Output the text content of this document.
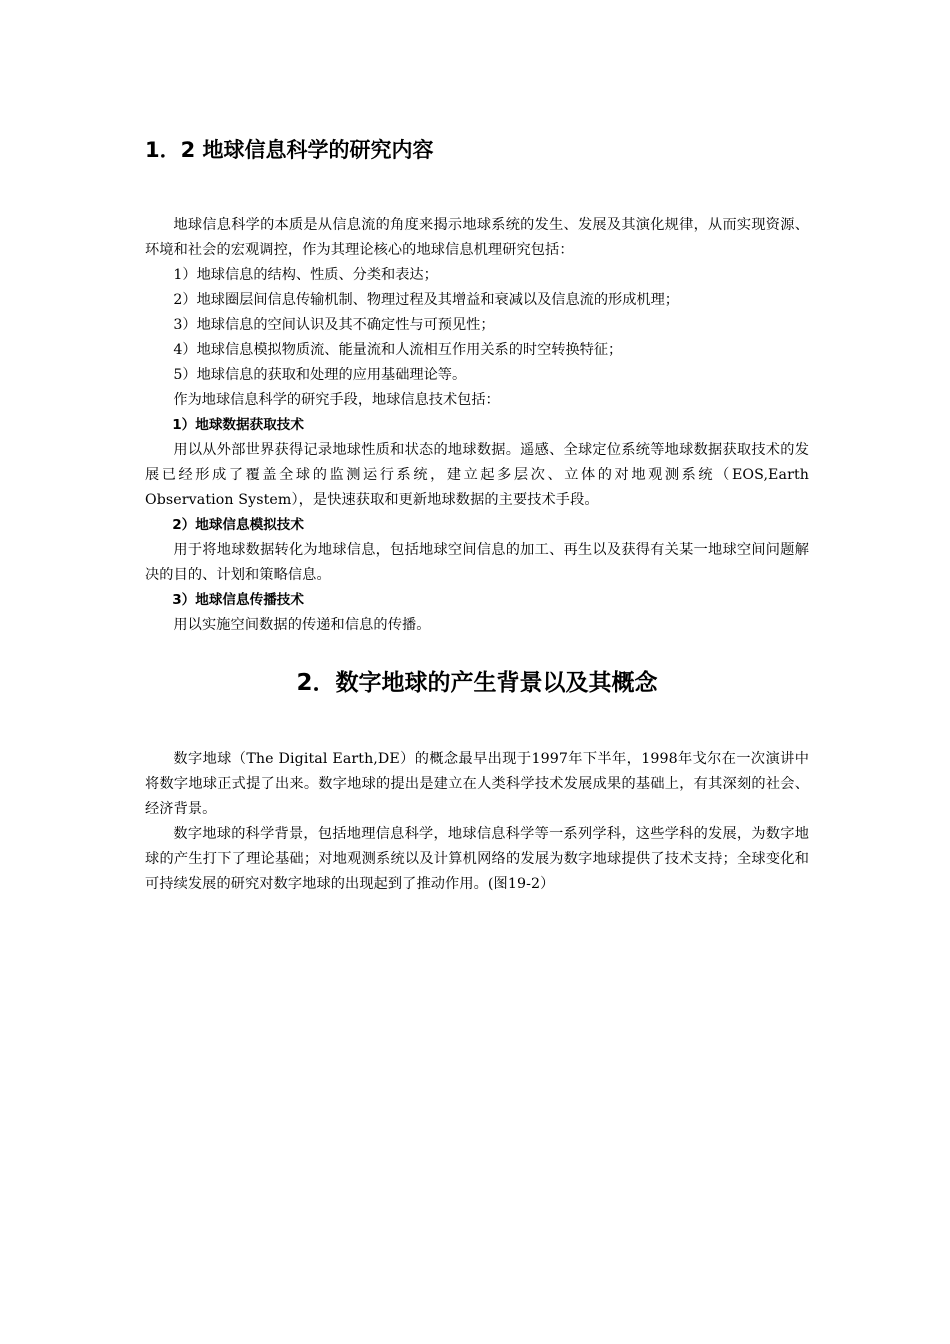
1．2 地球信息科学的研究内容

地球信息科学的本质是从信息流的角度来揭示地球系统的发生、发展及其演化规律，从而实现资源、环境和社会的宏观调控，作为其理论核心的地球信息机理研究包括：

1）地球信息的结构、性质、分类和表达；

2）地球圈层间信息传输机制、物理过程及其增益和衰减以及信息流的形成机理；

3）地球信息的空间认识及其不确定性与可预见性；

4）地球信息模拟物质流、能量流和人流相互作用关系的时空转换特征；

5）地球信息的获取和处理的应用基础理论等。

作为地球信息科学的研究手段，地球信息技术包括：

1）地球数据获取技术

用以从外部世界获得记录地球性质和状态的地球数据。遥感、全球定位系统等地球数据获取技术的发展已经形成了覆盖全球的监测运行系统，建立起多层次、立体的对地观测系统（EOS,Earth Observation System），是快速获取和更新地球数据的主要技术手段。

2）地球信息模拟技术

用于将地球数据转化为地球信息，包括地球空间信息的加工、再生以及获得有关某一地球空间问题解决的目的、计划和策略信息。

3）地球信息传播技术

用以实施空间数据的传递和信息的传播。

2．数字地球的产生背景以及其概念

数字地球（The Digital Earth,DE）的概念最早出现于1997年下半年，1998年戈尔在一次演讲中将数字地球正式提了出来。数字地球的提出是建立在人类科学技术发展成果的基础上，有其深刻的社会、经济背景。

数字地球的科学背景，包括地理信息科学，地球信息科学等一系列学科，这些学科的发展，为数字地球的产生打下了理论基础；对地观测系统以及计算机网络的发展为数字地球提供了技术支持；全球变化和可持续发展的研究对数字地球的出现起到了推动作用。(图19-2）
